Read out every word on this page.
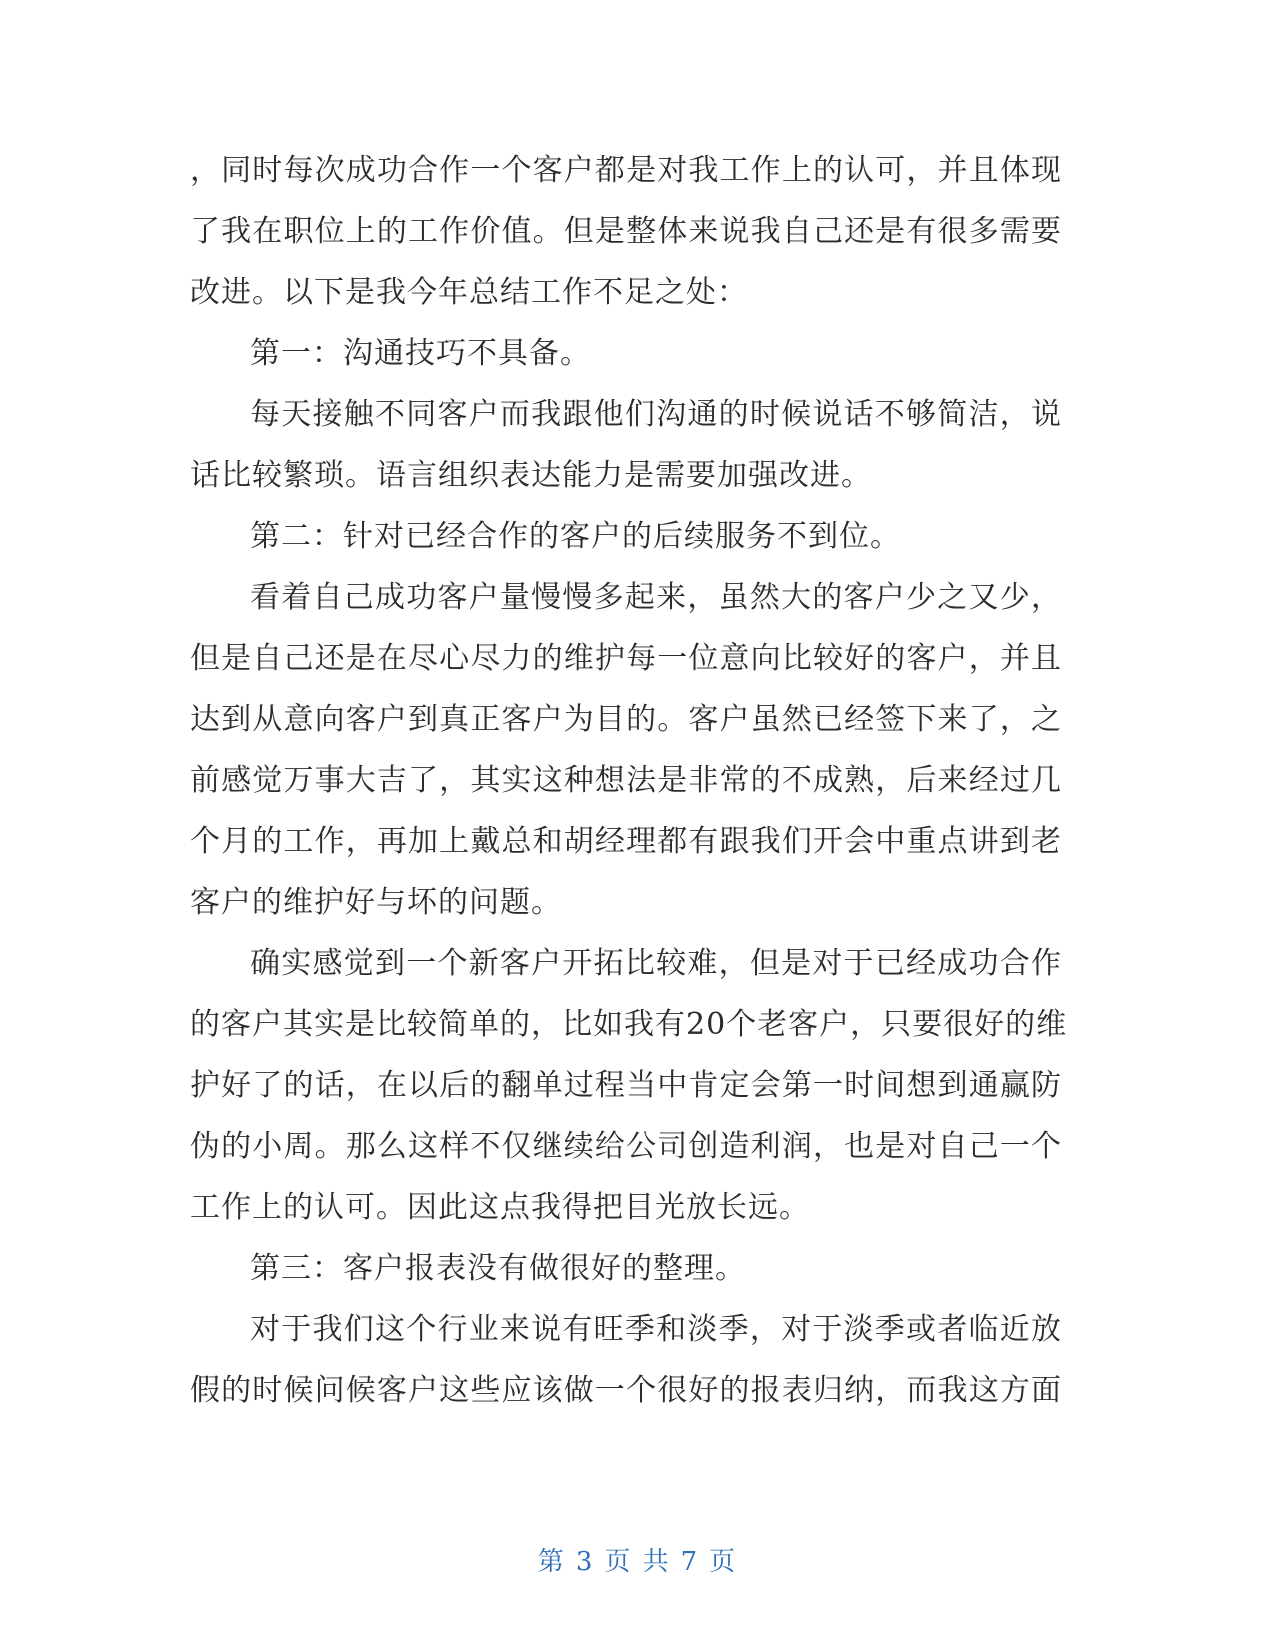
，同时每次成功合作一个客户都是对我工作上的认可，并且体现
了我在职位上的工作价值。但是整体来说我自己还是有很多需要
改进。以下是我今年总结工作不足之处：
第一：沟通技巧不具备。
每天接触不同客户而我跟他们沟通的时候说话不够简洁，说
话比较繁琐。语言组织表达能力是需要加强改进。
第二：针对已经合作的客户的后续服务不到位。
看着自己成功客户量慢慢多起来，虽然大的客户少之又少，
但是自己还是在尽心尽力的维护每一位意向比较好的客户，并且
达到从意向客户到真正客户为目的。客户虽然已经签下来了，之
前感觉万事大吉了，其实这种想法是非常的不成熟，后来经过几
个月的工作，再加上戴总和胡经理都有跟我们开会中重点讲到老
客户的维护好与坏的问题。
确实感觉到一个新客户开拓比较难，但是对于已经成功合作
的客户其实是比较简单的，比如我有20个老客户，只要很好的维
护好了的话，在以后的翻单过程当中肯定会第一时间想到通赢防
伪的小周。那么这样不仅继续给公司创造利润，也是对自己一个
工作上的认可。因此这点我得把目光放长远。
第三：客户报表没有做很好的整理。
对于我们这个行业来说有旺季和淡季，对于淡季或者临近放
假的时候问候客户这些应该做一个很好的报表归纳，而我这方面
第 3 页 共 7 页
